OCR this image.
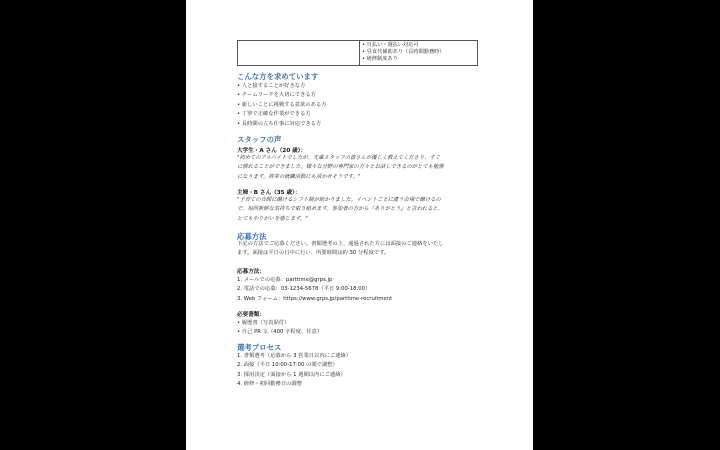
• 日払い・週払い対応可
• 昼食代補助あり（長時間勤務時）
• 研修制度あり
こんな方を求めています
• 人と接することが好きな方
• チームワークを大切にできる方
• 新しいことに挑戦する意欲のある方
• 丁寧で正確な作業ができる方
• 長時間の立ち仕事に対応できる方
スタッフの声
大学生・A さん（20 歳）：
"初めてのアルバイトでしたが、先輩スタッフの皆さんが優しく教えてくださり、すぐ
に慣れることができました。様々な分野の専門家の方々とお話しできるのがとても勉強
になります。将来の就職活動にも活かせそうです。"
主婦・B さん（35 歳）：
"子育ての合間に働けるシフト制が助かりました。イベントごとに違う会場で働けるの
で、毎回新鮮な気持ちで取り組めます。参加者の方から『ありがとう』と言われると、
とてもやりがいを感じます。"
応募方法
下記の方法でご応募ください。書類選考の上、通過された方には面接のご連絡をいたし
ます。面接は平日の日中に行い、所要時間は約 30 分程度です。
応募方法：
1. メールでの応募：parttime@grps.jp
2. 電話での応募：03-1234-5678（平日 9:00-18:00）
3. Web フォーム：https://www.grps.jp/parttime-recruitment
必要書類：
• 履歴書（写真貼付）
• 自己 PR 文（400 字程度、任意）
選考プロセス
1. 書類選考（応募から 3 営業日以内にご連絡）
2. 面接（平日 10:00-17:00 の間で調整）
3. 採用決定（面接から 1 週間以内にご連絡）
4. 研修・初回勤務日の調整
